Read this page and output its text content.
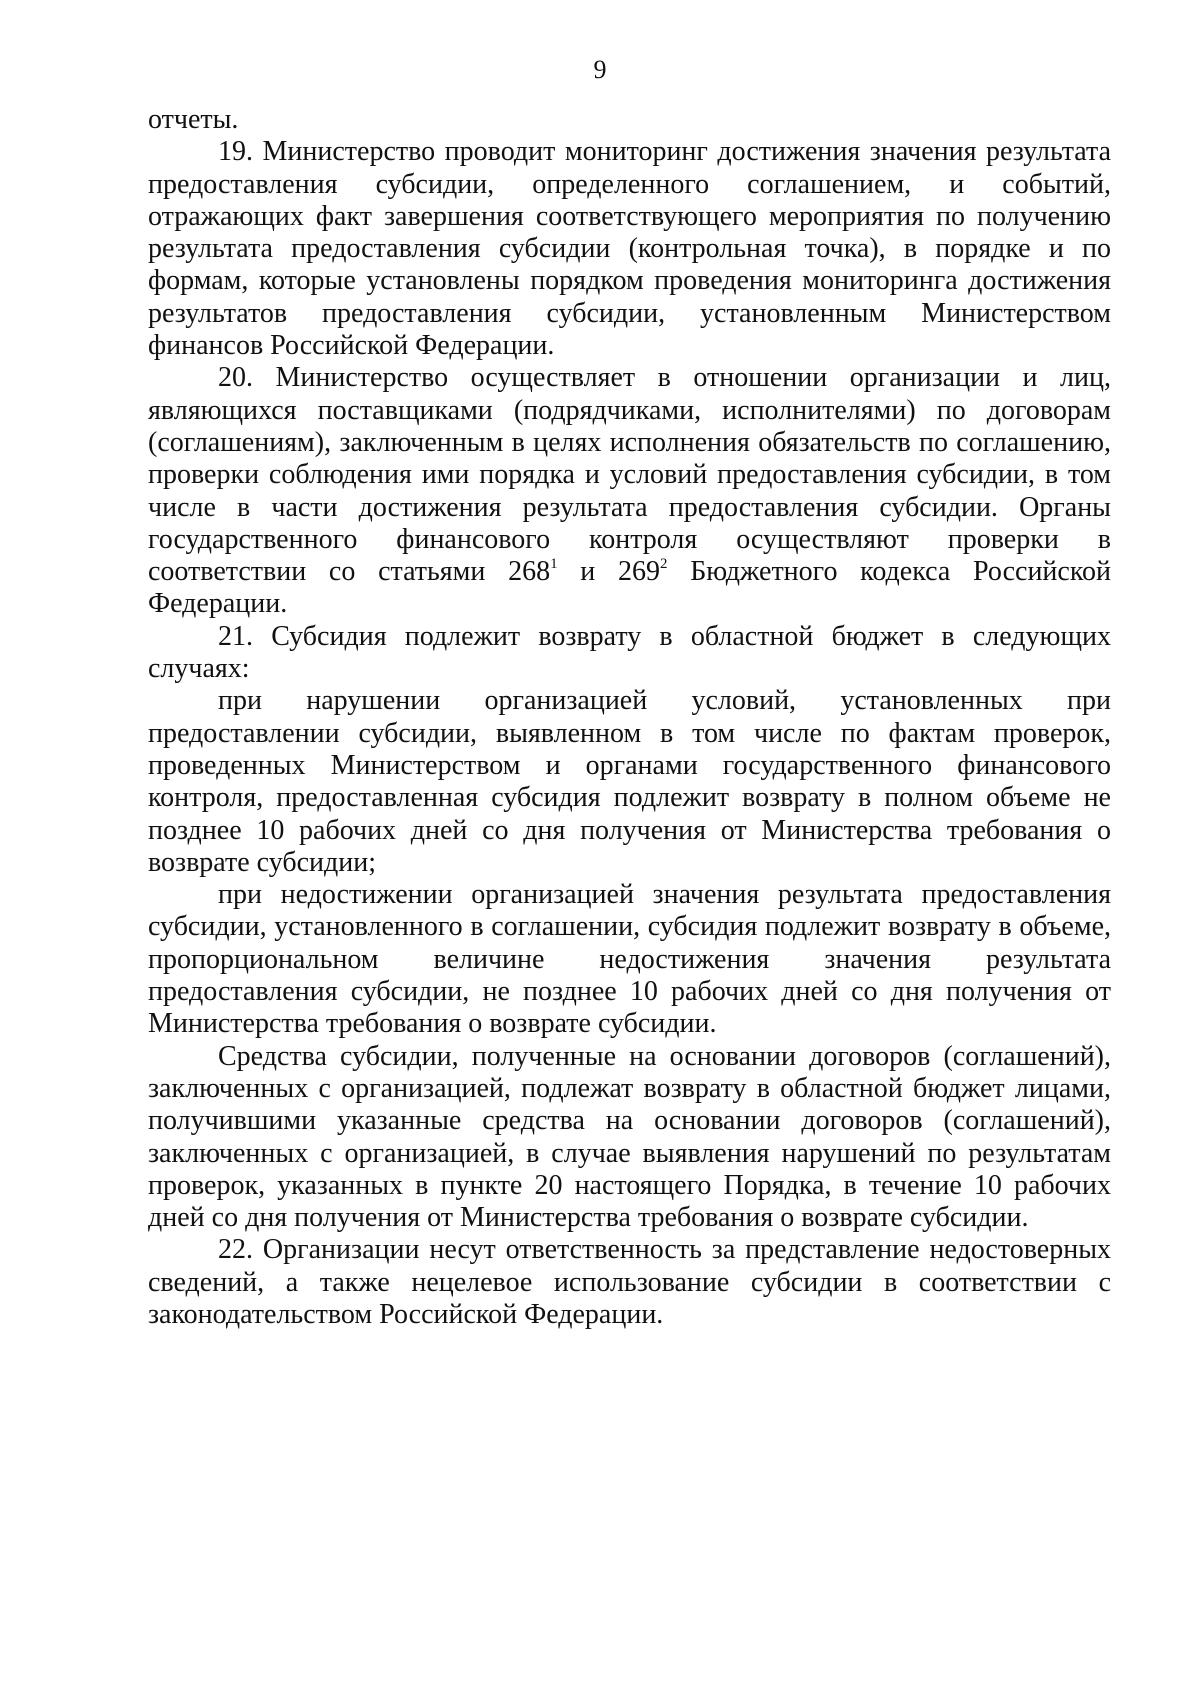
9

отчеты.

19. Министерство проводит мониторинг достижения значения результата предоставления субсидии, определенного соглашением, и событий, отражающих факт завершения соответствующего мероприятия по получению результата предоставления субсидии (контрольная точка), в порядке и по формам, которые установлены порядком проведения мониторинга достижения результатов предоставления субсидии, установленным Министерством финансов Российской Федерации.

20. Министерство осуществляет в отношении организации и лиц, являющихся поставщиками (подрядчиками, исполнителями) по договорам (соглашениям), заключенным в целях исполнения обязательств по соглашению, проверки соблюдения ими порядка и условий предоставления субсидии, в том числе в части достижения результата предоставления субсидии. Органы государственного финансового контроля осуществляют проверки в соответствии со статьями $268^1$ и $269^2$ Бюджетного кодекса Российской Федерации.

21. Субсидия подлежит возврату в областной бюджет в следующих случаях:

при нарушении организацией условий, установленных при предоставлении субсидии, выявленном в том числе по фактам проверок, проведенных Министерством и органами государственного финансового контроля, предоставленная субсидия подлежит возврату в полном объеме не позднее 10 рабочих дней со дня получения от Министерства требования о возврате субсидии;

при недостижении организацией значения результата предоставления субсидии, установленного в соглашении, субсидия подлежит возврату в объеме, пропорциональном величине недостижения значения результата предоставления субсидии, не позднее 10 рабочих дней со дня получения от Министерства требования о возврате субсидии.

Средства субсидии, полученные на основании договоров (соглашений), заключенных с организацией, подлежат возврату в областной бюджет лицами, получившими указанные средства на основании договоров (соглашений), заключенных с организацией, в случае выявления нарушений по результатам проверок, указанных в пункте 20 настоящего Порядка, в течение 10 рабочих дней со дня получения от Министерства требования о возврате субсидии.

22. Организации несут ответственность за представление недостоверных сведений, а также нецелевое использование субсидии в соответствии с законодательством Российской Федерации.
